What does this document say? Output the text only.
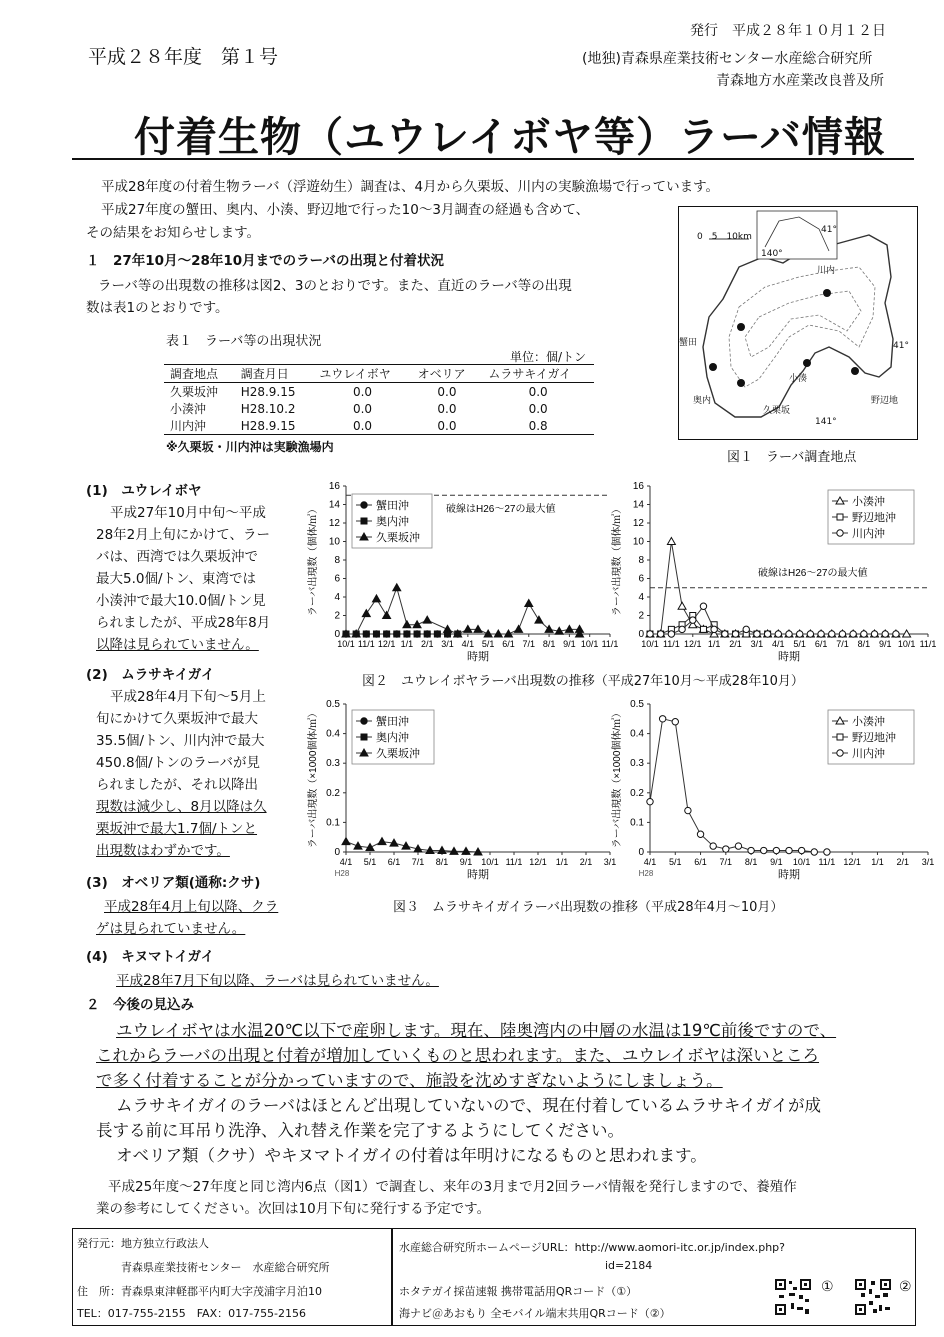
平成２８年度　第１号
発行　平成２８年１０月１２日
(地独)青森県産業技術センター水産総合研究所
青森地方水産業改良普及所
付着生物（ユウレイボヤ等）ラーバ情報
平成28年度の付着生物ラーバ（浮遊幼生）調査は、4月から久栗坂、川内の実験漁場で行っています。
平成27年度の蟹田、奥内、小湊、野辺地で行った10～3月調査の経過も含めて、
その結果をお知らせします。
１　27年10月～28年10月までのラーバの出現と付着状況
ラーバ等の出現数の推移は図2、3のとおりです。また、直近のラーバ等の出現
数は表1のとおりです。
表１　ラーバ等の出現状況
単位：個/トン
調査地点	調査月日	ユウレイボヤ	オベリア	ムラサキイガイ
久栗坂沖	H28.9.15	0.0	0.0	0.0
小湊沖	H28.10.2	0.0	0.0	0.0
川内沖	H28.9.15	0.0	0.0	0.8
※久栗坂・川内沖は実験漁場内
0　5　10km
蟹田
奥内
久栗坂
川内
小湊
野辺地
41°
141°
140°
41°
図１　ラーバ調査地点
(1)　ユウレイボヤ
平成27年10月中旬～平成
28年2月上旬にかけて、ラー
バは、西湾では久栗坂沖で
最大5.0個/トン、東湾では
小湊沖で最大10.0個/トン見
られましたが、平成28年8月
以降は見られていません。
(2)　ムラサキイガイ
平成28年4月下旬～5月上
旬にかけて久栗坂沖で最大
35.5個/トン、川内沖で最大
450.8個/トンのラーバが見
られましたが、それ以降出
現数は減少し、8月以降は久
栗坂沖で最大1.7個/トンと
出現数はわずかです。
(3)　オベリア類(通称:クサ)
平成28年4月上旬以降、クラ
ゲは見られていません。
(4)　キヌマトイガイ
平成28年7月下旬以降、ラーバは見られていません。
0
2
4
6
8
10
12
14
16
10/1 11/1 12/1 1/1 2/1 3/1 4/1 5/1 6/1 7/1 8/1 9/1 10/1 11/1
時期
ラーバ出現数（個体/㎥）	破線はH26～27の最大値
蟹田沖
奥内沖
久栗坂沖
0
2
4
6
8
10
12
14
16
10/1 11/1 12/1 1/1 2/1 3/1 4/1 5/1 6/1 7/1 8/1 9/1 10/1 11/1
時期
ラーバ出現数（個体/㎥）	破線はH26～27の最大値
小湊沖
野辺地沖
川内沖
図２　ユウレイボヤラーバ出現数の推移（平成27年10月～平成28年10月）
0
0.1
0.2
0.3
0.4
0.5
4/1 5/1 6/1 7/1 8/1 9/1 10/1 11/1 12/1 1/1 2/1 3/1
H28	時期
ラーバ出現数（×1000個体/㎥）	蟹田沖
奥内沖
久栗坂沖
0
0.1
0.2
0.3
0.4
0.5
4/1 5/1 6/1 7/1 8/1 9/1 10/1 11/1 12/1 1/1 2/1 3/1
H28	時期
ラーバ出現数（×1000個体/㎥）	小湊沖
野辺地沖
川内沖
図３　ムラサキイガイラーバ出現数の推移（平成28年4月～10月）
２　今後の見込み
ユウレイボヤは水温20℃以下で産卵します。現在、陸奥湾内の中層の水温は19℃前後ですので、
これからラーバの出現と付着が増加していくものと思われます。また、ユウレイボヤは深いところ
で多く付着することが分かっていますので、施設を沈めすぎないようにしましょう。
ムラサキイガイのラーバはほとんど出現していないので、現在付着しているムラサキイガイが成
長する前に耳吊り洗浄、入れ替え作業を完了するようにしてください。
オベリア類（クサ）やキヌマトイガイの付着は年明けになるものと思われます。
平成25年度～27年度と同じ湾内6点（図1）で調査し、来年の3月まで月2回ラーバ情報を発行しますので、養殖作
業の参考にしてください。次回は10月下旬に発行する予定です。
発行元：地方独立行政法人
青森県産業技術センター　水産総合研究所
住　所：青森県東津軽郡平内町大字茂浦字月泊10
TEL：017-755-2155　FAX：017-755-2156
水産総合研究所ホームページURL：http://www.aomori-itc.or.jp/index.php?
id=2184
ホタテガイ採苗速報 携帯電話用QRコード（①）
海ナビ＠あおもり 全モバイル端末共用QRコード（②）
①	②
